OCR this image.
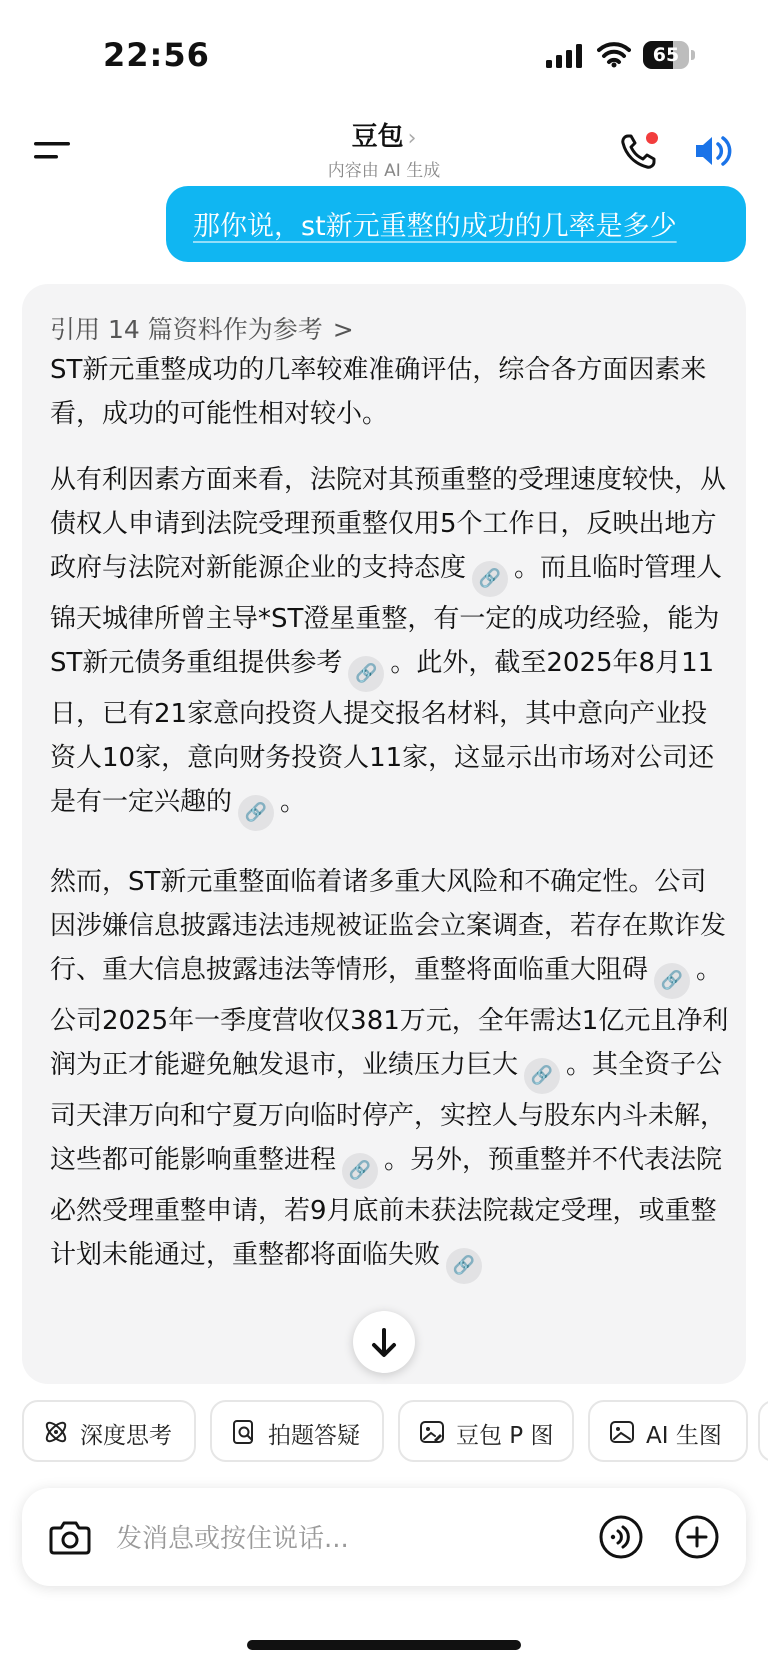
22:56	65
豆包 ›
内容由 AI 生成
那你说，st新元重整的成功的几率是多少
引用 14 篇资料作为参考 >
ST新元重整成功的几率较难准确评估，综合各方面因素来看，成功的可能性相对较小。
从有利因素方面来看，法院对其预重整的受理速度较快，从债权人申请到法院受理预重整仅用5个工作日，反映出地方政府与法院对新能源企业的支持态度 🔗 。而且临时管理人锦天城律所曾主导*ST澄星重整，有一定的成功经验，能为ST新元债务重组提供参考 🔗 。此外，截至2025年8月11日，已有21家意向投资人提交报名材料，其中意向产业投资人10家，意向财务投资人11家，这显示出市场对公司还是有一定兴趣的 🔗 。
然而，ST新元重整面临着诸多重大风险和不确定性。公司因涉嫌信息披露违法违规被证监会立案调查，若存在欺诈发行、重大信息披露违法等情形，重整将面临重大阻碍 🔗 。公司2025年一季度营收仅381万元，全年需达1亿元且净利润为正才能避免触发退市，业绩压力巨大 🔗 。其全资子公司天津万向和宁夏万向临时停产，实控人与股东内斗未解，这些都可能影响重整进程 🔗 。另外，预重整并不代表法院必然受理重整申请，若9月底前未获法院裁定受理，或重整计划未能通过，重整都将面临失败 🔗
深度思考	拍题答疑	豆包 P 图	AI 生图
发消息或按住说话...
